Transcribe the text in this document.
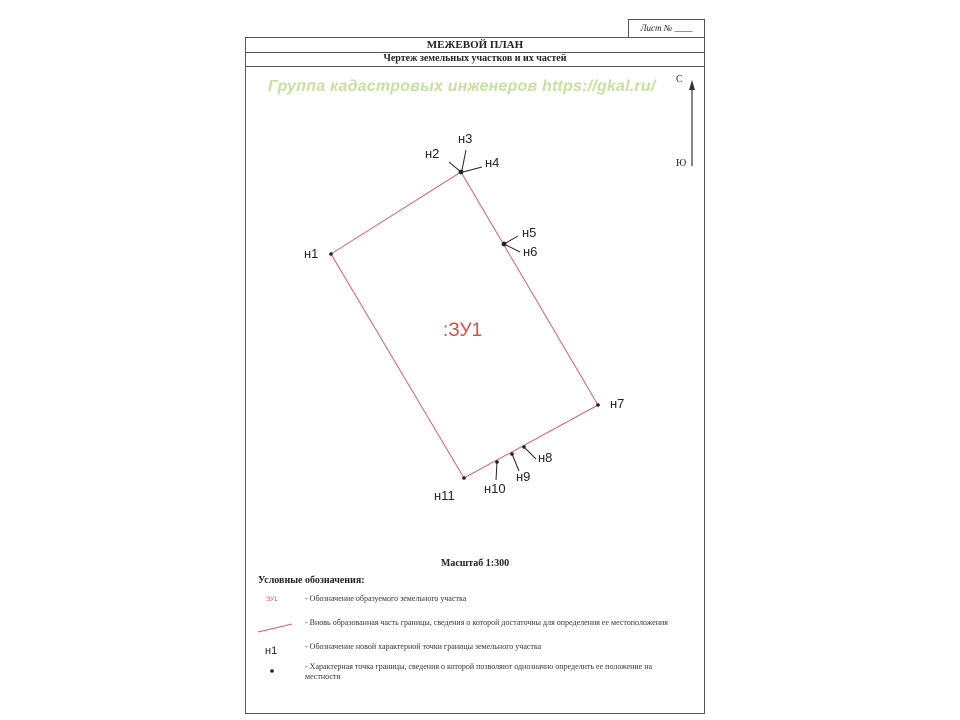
Лист № ____
МЕЖЕВОЙ ПЛАН
Чертеж земельных участков и их частей
Группа кадастровых инженеров https://gkal.ru/ С
Ю
н1
н2
н3
н4
н5
н6
н7
н8
н9
н10
н11
:ЗУ1
Масштаб 1:300
Условные обозначения:
:ЗУ1	- Обозначение образуемого земельного участка
- Вновь образованная часть границы, сведения о которой достаточны для определения ее местоположения
н1	- Обозначение новой характерной точки границы земельного участка
- Характерная точка границы, сведения о которой позволяют однозначно определить ее положение на местности
